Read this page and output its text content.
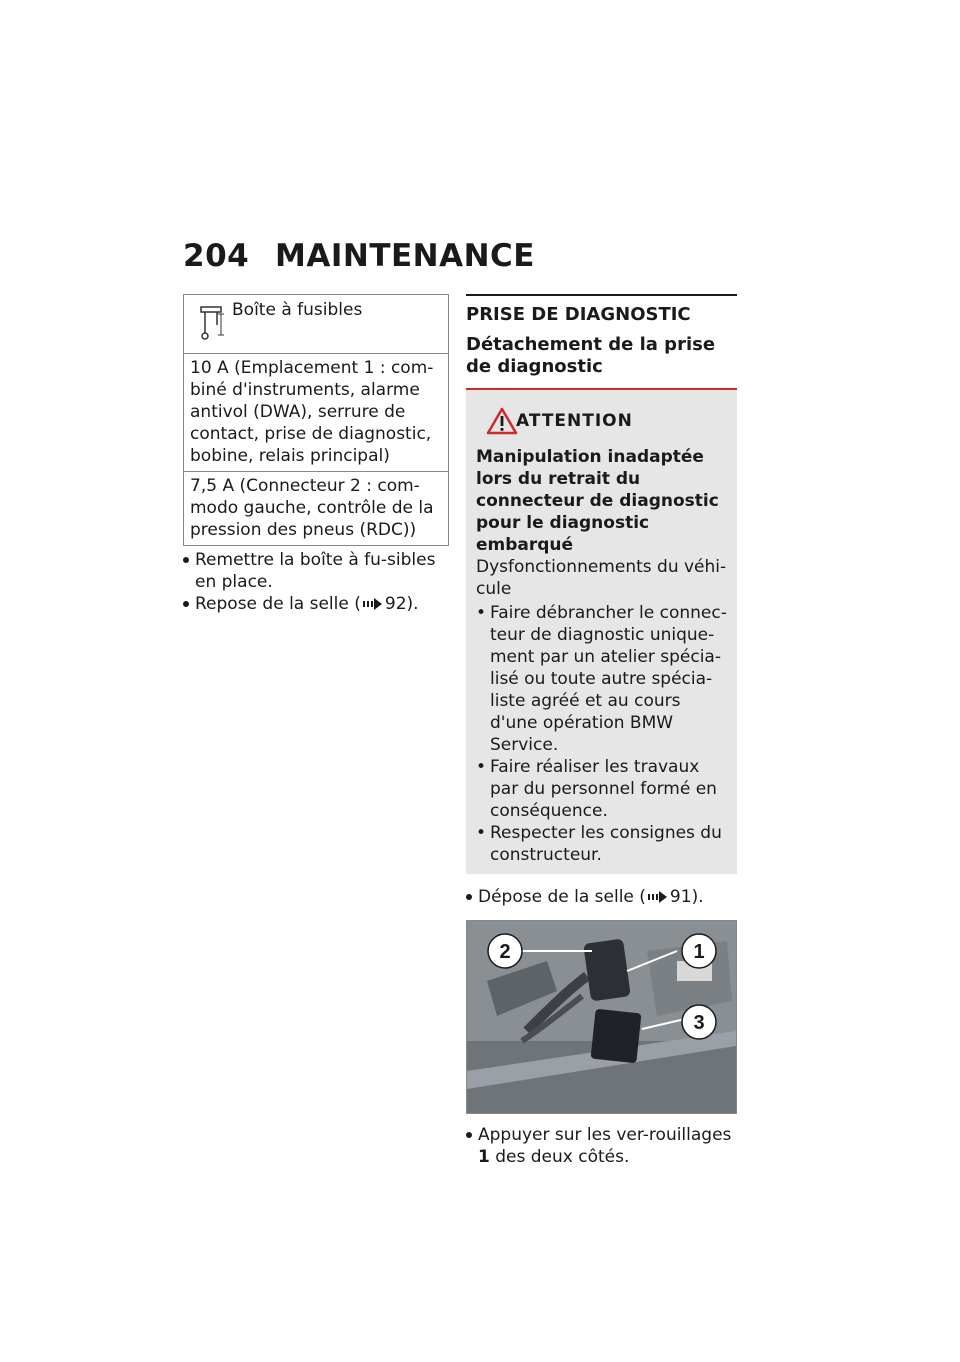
204 MAINTENANCE
Boîte à fusibles

10 A (Emplacement 1 : com-biné d'instruments, alarme antivol (DWA), serrure de contact, prise de diagnostic, bobine, relais principal)
7,5 A (Connecteur 2 : com-modo gauche, contrôle de la pression des pneus (RDC))
Remettre la boîte à fu-sibles en place.
Repose de la selle ( 92).
PRISE DE DIAGNOSTIC
Détachement de la prise de diagnostic
ATTENTION
Manipulation inadaptée lors du retrait du connecteur de diagnostic pour le diagnostic embarqué
Dysfonctionnements du véhi-cule
• Faire débrancher le connec-teur de diagnostic unique-ment par un atelier spécia-lisé ou toute autre spécia-liste agréé et au cours d'une opération BMW Service.
• Faire réaliser les travaux par du personnel formé en conséquence.
• Respecter les consignes du constructeur.
Dépose de la selle ( 91).
2	1
3
Appuyer sur les ver-rouillages 1 des deux côtés.
